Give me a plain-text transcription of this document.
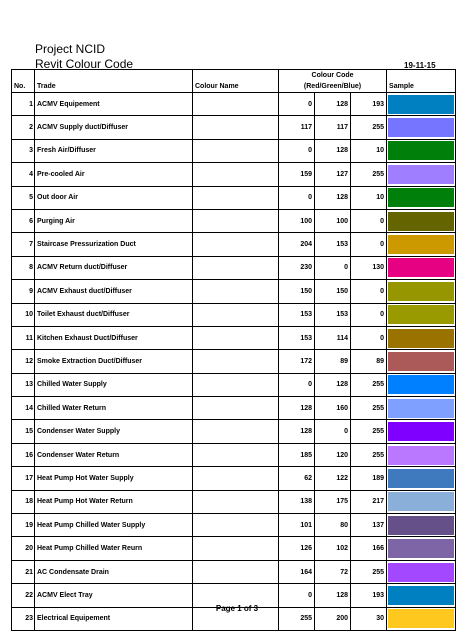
Project NCID
Revit Colour Code	19-11-15
No.	Trade	Colour Name	Colour Code			Sample
			(Red/Green/Blue)			
1	ACMV Equipement		0	128	193	

2	ACMV Supply duct/Diffuser		117	117	255	

3	Fresh Air/Diffuser		0	128	10	

4	Pre-cooled Air		159	127	255	

5	Out door Air		0	128	10	

6	Purging Air		100	100	0	

7	Staircase Pressurization Duct		204	153	0	

8	ACMV Return duct/Diffuser		230	0	130	

9	ACMV Exhaust duct/Diffuser		150	150	0	

10	Toilet Exhaust duct/Diffuser		153	153	0	

11	Kitchen Exhaust Duct/Diffuser		153	114	0	

12	Smoke Extraction Duct/Diffuser		172	89	89	

13	Chilled Water Supply		0	128	255	

14	Chilled Water Return		128	160	255	

15	Condenser Water Supply		128	0	255	

16	Condenser Water Return		185	120	255	

17	Heat Pump Hot Water Supply		62	122	189	

18	Heat Pump Hot Water Return		138	175	217	

19	Heat Pump Chilled Water Supply		101	80	137	

20	Heat Pump Chilled Water Reurn		126	102	166	

21	AC Condensate Drain		164	72	255	

22	ACMV Elect Tray		0	128	193	

23	Electrical Equipement		255	200	30	
Page 1 of 3
